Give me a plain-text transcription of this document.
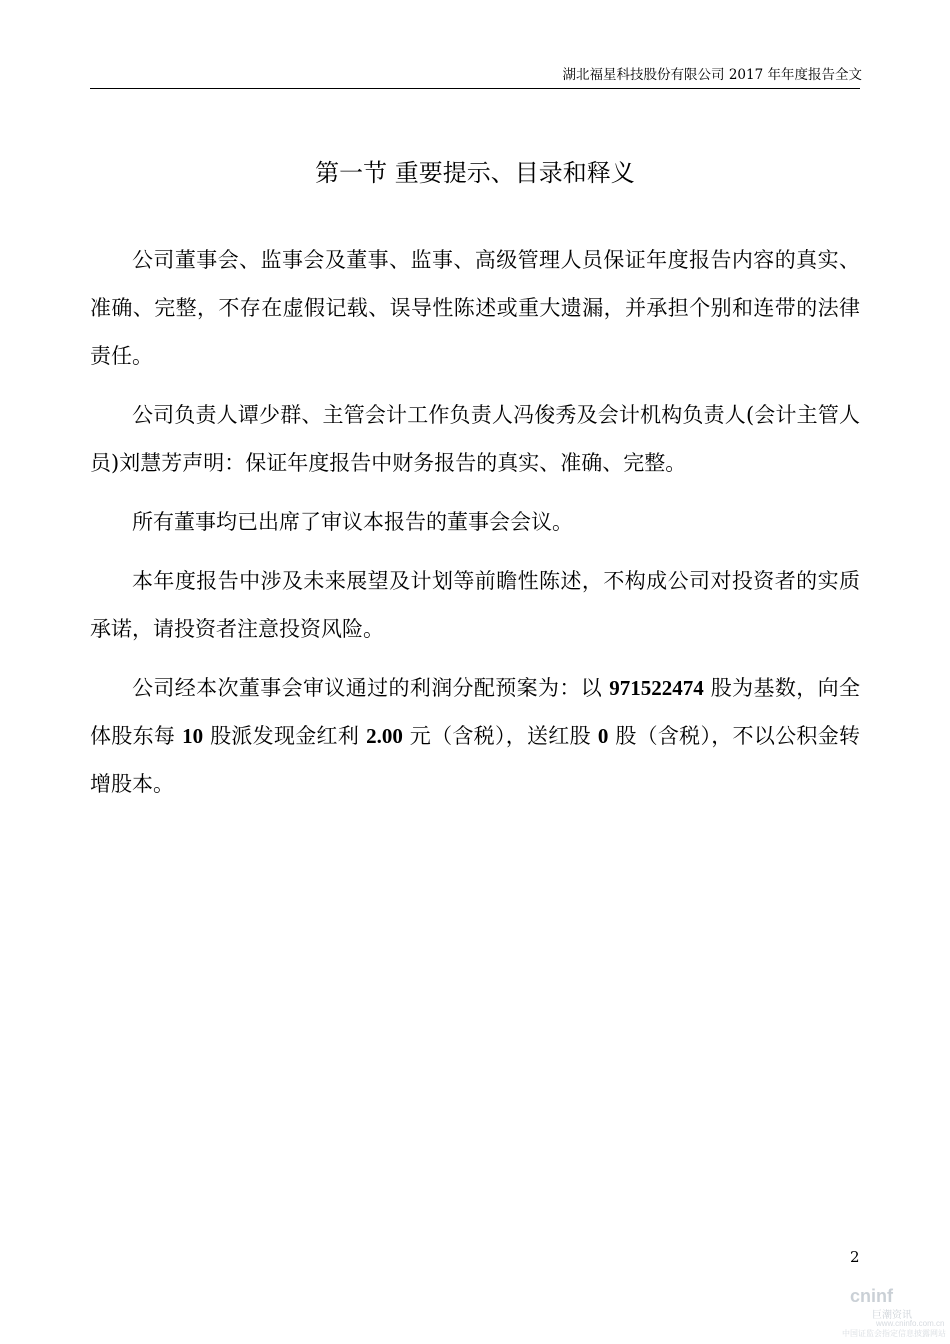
湖北福星科技股份有限公司 2017 年年度报告全文
第一节 重要提示、目录和释义

公司董事会、监事会及董事、监事、高级管理人员保证年度报告内容的真实、准确、完整，不存在虚假记载、误导性陈述或重大遗漏，并承担个别和连带的法律责任。

公司负责人谭少群、主管会计工作负责人冯俊秀及会计机构负责人(会计主管人员)刘慧芳声明：保证年度报告中财务报告的真实、准确、完整。

所有董事均已出席了审议本报告的董事会会议。

本年度报告中涉及未来展望及计划等前瞻性陈述，不构成公司对投资者的实质承诺，请投资者注意投资风险。

公司经本次董事会审议通过的利润分配预案为：以 971522474 股为基数，向全体股东每 10 股派发现金红利 2.00 元（含税），送红股 0 股（含税），不以公积金转增股本。

2
cninf
巨潮资讯
www.cninfo.com.cn
中国证监会指定信息披露网站
